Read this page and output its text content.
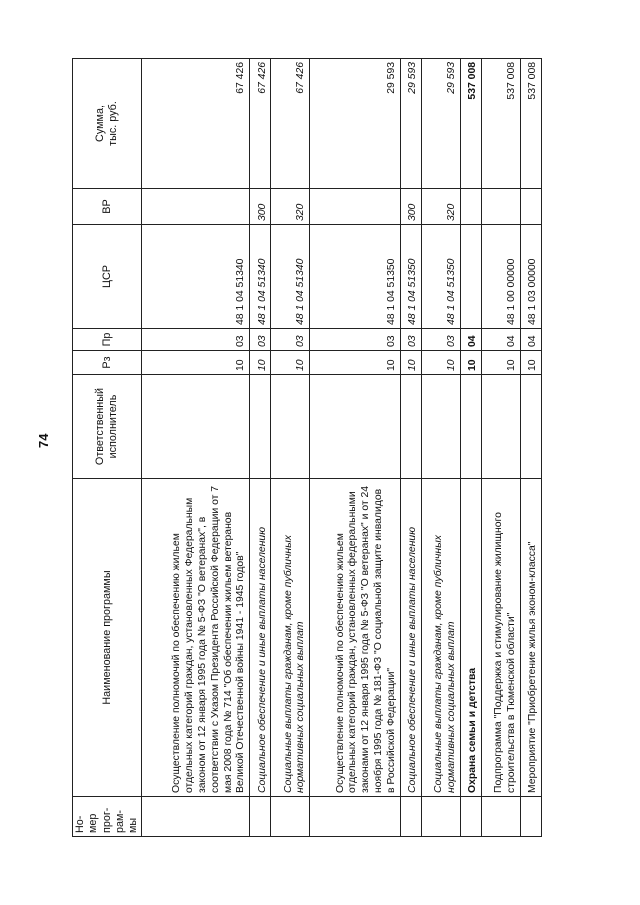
74
Но-
мер
прог-
рам-
мы	Наименование программы	Ответственный исполнитель	Рз	Пр	ЦСР	ВР	Сумма,
тыс. руб.
	Осуществление полномочий по обеспечению жильем отдельных категорий граждан, установленных Федеральным законом от 12 января 1995 года № 5-ФЗ "О ветеранах", в соответствии с Указом Президента Российской Федерации от 7 мая 2008 года № 714 "Об обеспечении жильем ветеранов Великой Отечественной войны 1941 - 1945 годов"		10	03	48 1 04 51340		67 426
	Социальное обеспечение и иные выплаты населению		10	03	48 1 04 51340	300	67 426
	Социальные выплаты гражданам, кроме публичных нормативных социальных выплат		10	03	48 1 04 51340	320	67 426
	Осуществление полномочий по обеспечению жильем отдельных категорий граждан, установленных федеральными законами от 12 января 1995 года № 5-ФЗ "О ветеранах" и от 24 ноября 1995 года № 181-ФЗ "О социальной защите инвалидов в Российской Федерации"		10	03	48 1 04 51350		29 593
	Социальное обеспечение и иные выплаты населению		10	03	48 1 04 51350	300	29 593
	Социальные выплаты гражданам, кроме публичных нормативных социальных выплат		10	03	48 1 04 51350	320	29 593
	Охрана семьи и детства		10	04			537 008
	Подпрограмма "Поддержка и стимулирование жилищного строительства в Тюменской области"		10	04	48 1 00 00000		537 008
	Мероприятие "Приобретение жилья эконом-класса"		10	04	48 1 03 00000		537 008
